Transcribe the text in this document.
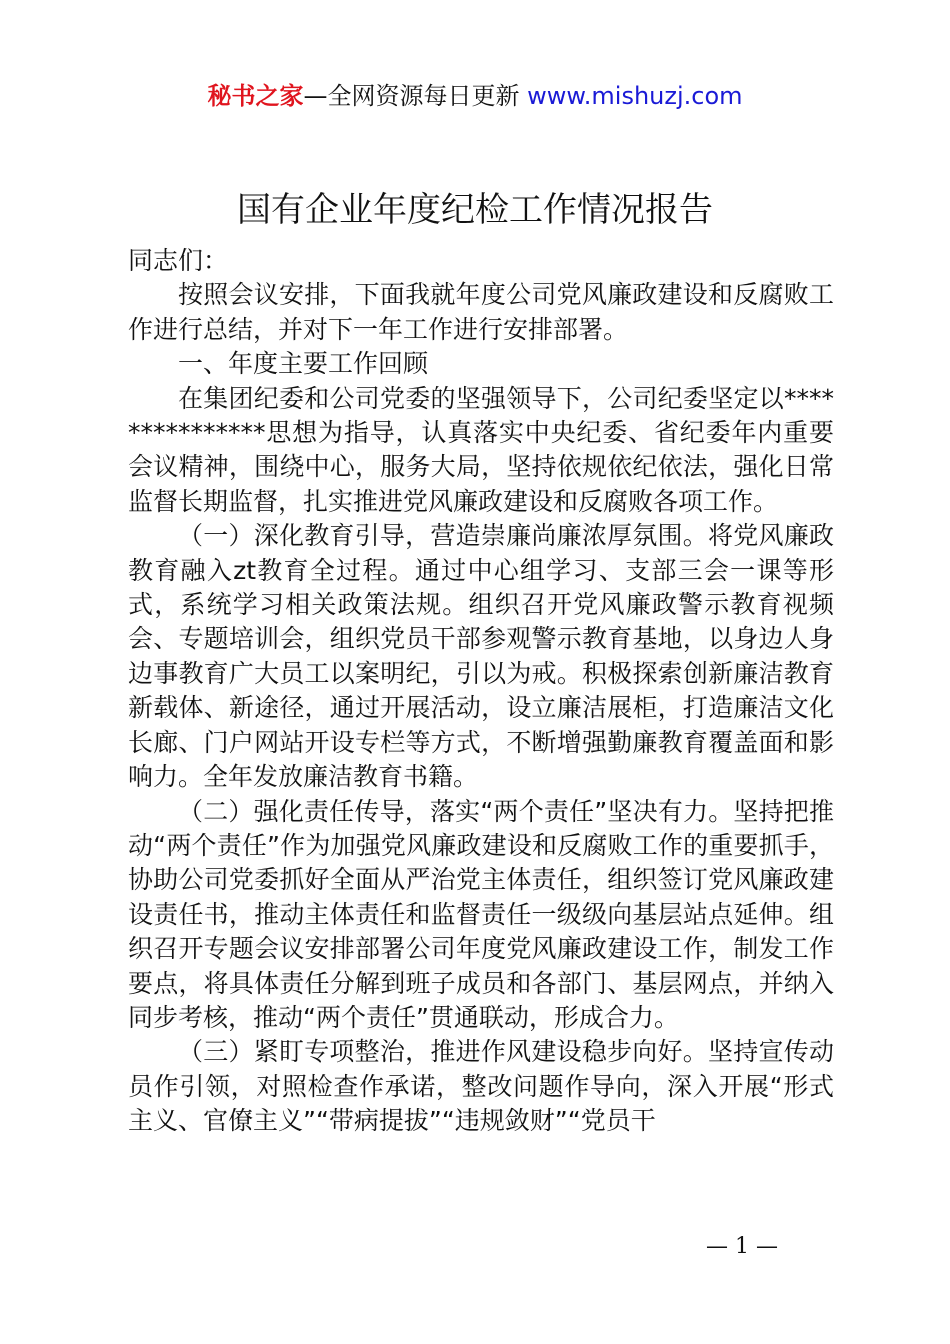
秘书之家—全网资源每日更新 www.mishuzj.com
国有企业年度纪检工作情况报告

同志们：

按照会议安排，下面我就年度公司党风廉政建设和反腐败工作进行总结，并对下一年工作进行安排部署。

一、年度主要工作回顾

在集团纪委和公司党委的坚强领导下，公司纪委坚定以***************思想为指导，认真落实中央纪委、省纪委年内重要会议精神，围绕中心，服务大局，坚持依规依纪依法，强化日常监督长期监督，扎实推进党风廉政建设和反腐败各项工作。

（一）深化教育引导，营造崇廉尚廉浓厚氛围。将党风廉政教育融入zt教育全过程。通过中心组学习、支部三会一课等形式，系统学习相关政策法规。组织召开党风廉政警示教育视频会、专题培训会，组织党员干部参观警示教育基地，以身边人身边事教育广大员工以案明纪，引以为戒。积极探索创新廉洁教育新载体、新途径，通过开展活动，设立廉洁展柜，打造廉洁文化长廊、门户网站开设专栏等方式，不断增强勤廉教育覆盖面和影响力。全年发放廉洁教育书籍。

（二）强化责任传导，落实“两个责任”坚决有力。坚持把推动“两个责任”作为加强党风廉政建设和反腐败工作的重要抓手，协助公司党委抓好全面从严治党主体责任，组织签订党风廉政建设责任书，推动主体责任和监督责任一级级向基层站点延伸。组织召开专题会议安排部署公司年度党风廉政建设工作，制发工作要点，将具体责任分解到班子成员和各部门、基层网点，并纳入同步考核，推动“两个责任”贯通联动，形成合力。

（三）紧盯专项整治，推进作风建设稳步向好。坚持宣传动员作引领，对照检查作承诺，整改问题作导向，深入开展“形式主义、官僚主义”“带病提拔”“违规敛财”“党员干

— 1 —
